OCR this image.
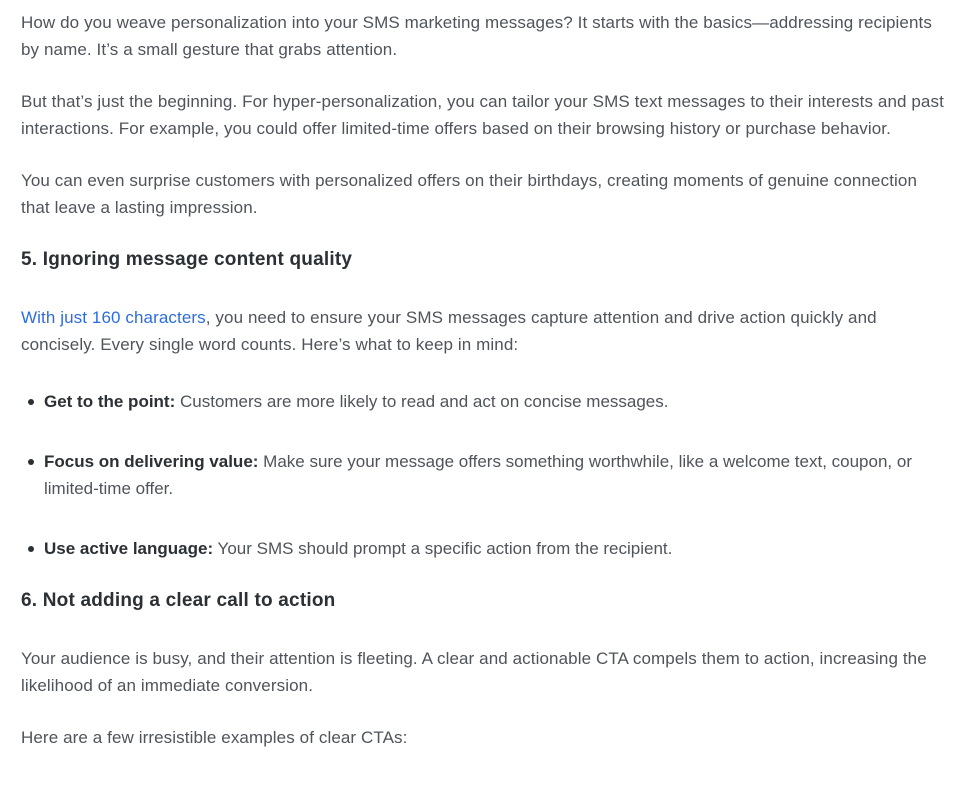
How do you weave personalization into your SMS marketing messages? It starts with the basics—addressing recipients by name. It’s a small gesture that grabs attention.

But that’s just the beginning. For hyper-personalization, you can tailor your SMS text messages to their interests and past interactions. For example, you could offer limited-time offers based on their browsing history or purchase behavior.

You can even surprise customers with personalized offers on their birthdays, creating moments of genuine connection that leave a lasting impression.

5. Ignoring message content quality

With just 160 characters, you need to ensure your SMS messages capture attention and drive action quickly and concisely. Every single word counts. Here’s what to keep in mind:

Get to the point: Customers are more likely to read and act on concise messages.
Focus on delivering value: Make sure your message offers something worthwhile, like a welcome text, coupon, or limited-time offer.
Use active language: Your SMS should prompt a specific action from the recipient.
6. Not adding a clear call to action

Your audience is busy, and their attention is fleeting. A clear and actionable CTA compels them to action, increasing the likelihood of an immediate conversion.

Here are a few irresistible examples of clear CTAs:
